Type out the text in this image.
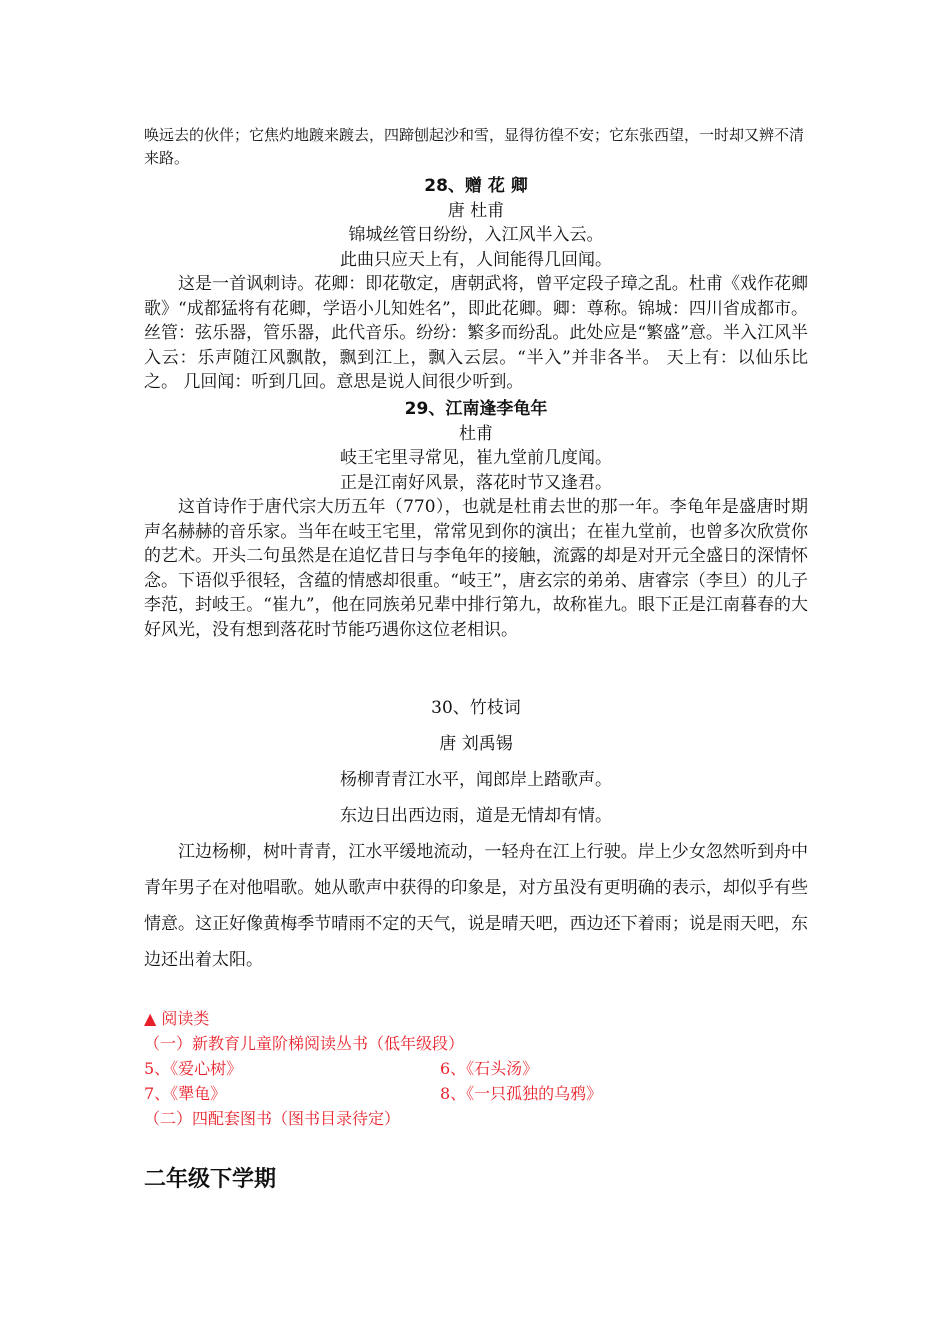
唤远去的伙伴；它焦灼地踱来踱去，四蹄刨起沙和雪，显得彷徨不安；它东张西望，一时却又辨不清来路。

28、赠 花 卿

唐 杜甫

锦城丝管日纷纷，入江风半入云。

此曲只应天上有，人间能得几回闻。

这是一首讽刺诗。花卿：即花敬定，唐朝武将，曾平定段子璋之乱。杜甫《戏作花卿歌》“成都猛将有花卿，学语小儿知姓名”，即此花卿。卿：尊称。锦城：四川省成都市。丝管：弦乐器，管乐器，此代音乐。纷纷：繁多而纷乱。此处应是“繁盛”意。半入江风半入云：乐声随江风飘散，飘到江上，飘入云层。“半入”并非各半。 天上有：以仙乐比之。 几回闻：听到几回。意思是说人间很少听到。

29、江南逢李龟年

杜甫

岐王宅里寻常见，崔九堂前几度闻。

正是江南好风景，落花时节又逢君。

这首诗作于唐代宗大历五年（770），也就是杜甫去世的那一年。李龟年是盛唐时期声名赫赫的音乐家。当年在岐王宅里，常常见到你的演出；在崔九堂前，也曾多次欣赏你的艺术。开头二句虽然是在追忆昔日与李龟年的接触，流露的却是对开元全盛日的深情怀念。下语似乎很轻，含蕴的情感却很重。“岐王”，唐玄宗的弟弟、唐睿宗（李旦）的儿子李范，封岐王。“崔九”，他在同族弟兄辈中排行第九，故称崔九。眼下正是江南暮春的大好风光，没有想到落花时节能巧遇你这位老相识。

30、竹枝词

唐 刘禹锡

杨柳青青江水平，闻郎岸上踏歌声。

东边日出西边雨，道是无情却有情。

江边杨柳，树叶青青，江水平缓地流动，一轻舟在江上行驶。岸上少女忽然听到舟中青年男子在对他唱歌。她从歌声中获得的印象是，对方虽没有更明确的表示，却似乎有些情意。这正好像黄梅季节晴雨不定的天气，说是晴天吧，西边还下着雨；说是雨天吧，东边还出着太阳。

▲ 阅读类

（一）新教育儿童阶梯阅读丛书（低年级段）

5、《爱心树》	6、《石头汤》
7、《犟龟》	8、《一只孤独的乌鸦》

（二）四配套图书（图书目录待定）

二年级下学期
